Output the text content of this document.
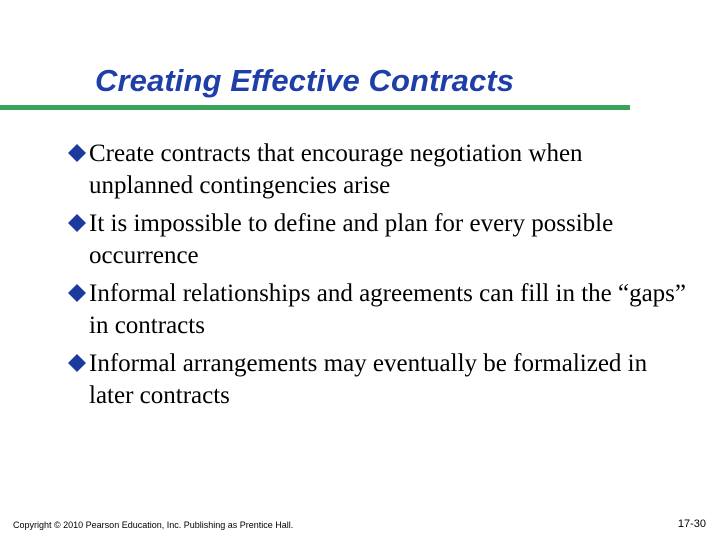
Creating Effective Contracts
Create contracts that encourage negotiation when unplanned contingencies arise
It is impossible to define and plan for every possible occurrence
Informal relationships and agreements can fill in the “gaps” in contracts
Informal arrangements may eventually be formalized in later contracts
Copyright © 2010 Pearson Education, Inc. Publishing as Prentice Hall.	17-30
